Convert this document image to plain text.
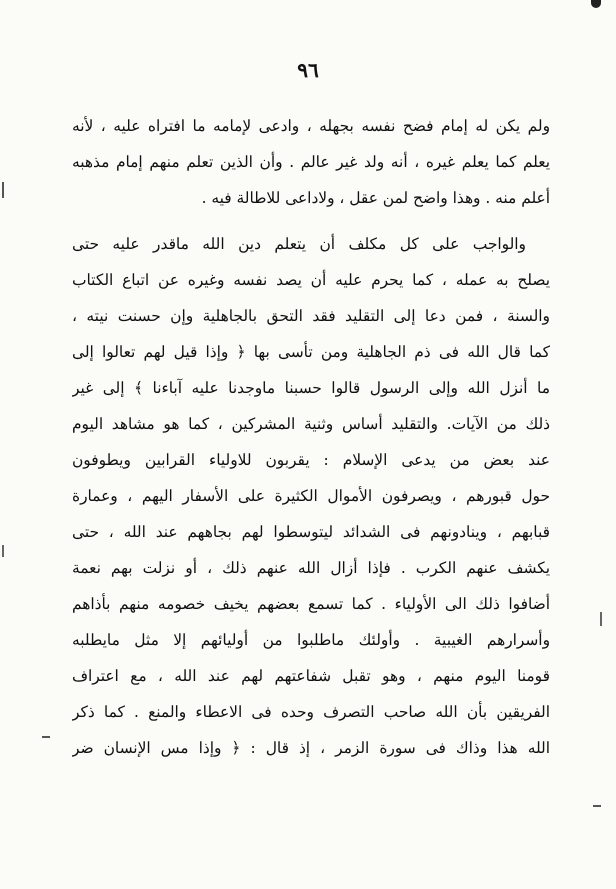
٩٦
ولم يكن له إمام فضح نفسه بجهله ، وادعى لإمامه ما افتراه عليه ، لأنه
يعلم كما يعلم غيره ، أنه ولد غير عالم . وأن الذين تعلم منهم إمام مذهبه
أعلم منه . وهذا واضح لمن عقل ، ولاداعى للاطالة فيه .
والواجب على كل مكلف أن يتعلم دين الله ماقدر عليه حتى
يصلح به عمله ، كما يحرم عليه أن يصد نفسه وغيره عن اتباع الكتاب
والسنة ، فمن دعا إلى التقليد فقد التحق بالجاهلية وإن حسنت نيته ،
كما قال الله فى ذم الجاهلية ومن تأسى بها ﴿ وإذا قيل لهم تعالوا إلى
ما أنزل الله وإلى الرسول قالوا حسبنا ماوجدنا عليه آباءنا ﴾ إلى غير
ذلك من الآيات. والتقليد أساس وثنية المشركين ، كما هو مشاهد اليوم
عند بعض من يدعى الإسلام : يقربون للاولياء القرابين ويطوفون
حول قبورهم ، ويصرفون الأموال الكثيرة على الأسفار اليهم ، وعمارة
قبابهم ، وينادونهم فى الشدائد ليتوسطوا لهم بجاههم عند الله ، حتى
يكشف عنهم الكرب . فإذا أزال الله عنهم ذلك ، أو نزلت بهم نعمة
أضافوا ذلك الى الأولياء . كما تسمع بعضهم يخيف خصومه منهم بأذاهم
وأسرارهم الغيبية . وأولئك ماطلبوا من أوليائهم إلا مثل مايطلبه
قومنا اليوم منهم ، وهو تقبل شفاعتهم لهم عند الله ، مع اعتراف
الفريقين بأن الله صاحب التصرف وحده فى الاعطاء والمنع . كما ذكر
الله هذا وذاك فى سورة الزمر ، إذ قال : ﴿ وإذا مس الإنسان ضر
